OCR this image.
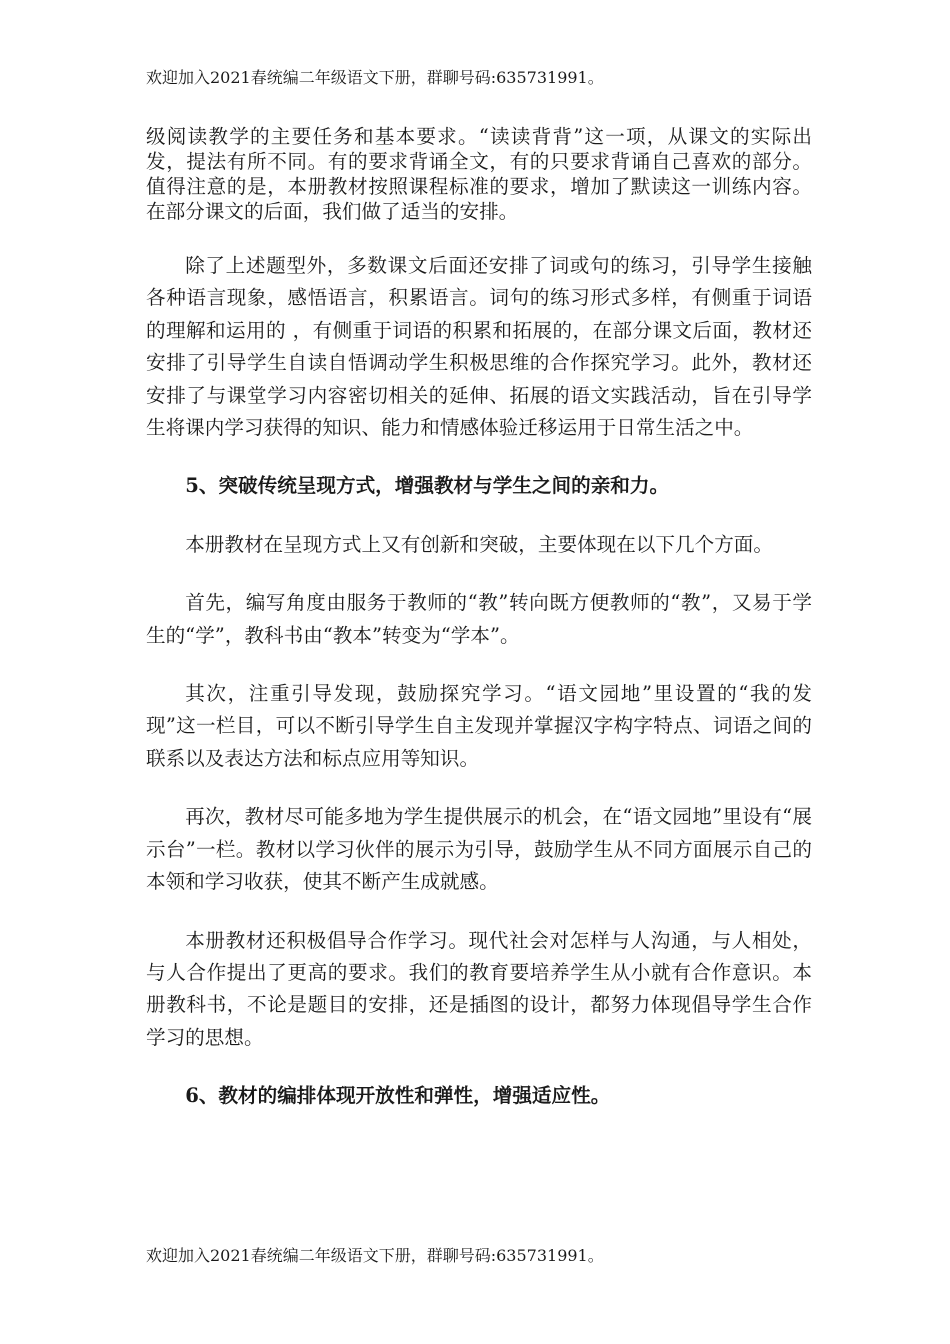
欢迎加入2021春统编二年级语文下册，群聊号码:635731991。

级阅读教学的主要任务和基本要求。“读读背背”这一项，从课文的实际出发，提法有所不同。有的要求背诵全文，有的只要求背诵自己喜欢的部分。值得注意的是，本册教材按照课程标准的要求，增加了默读这一训练内容。在部分课文的后面，我们做了适当的安排。

除了上述题型外，多数课文后面还安排了词或句的练习，引导学生接触各种语言现象，感悟语言，积累语言。词句的练习形式多样，有侧重于词语的理解和运用的 ，有侧重于词语的积累和拓展的，在部分课文后面，教材还安排了引导学生自读自悟调动学生积极思维的合作探究学习。此外，教材还安排了与课堂学习内容密切相关的延伸、拓展的语文实践活动，旨在引导学生将课内学习获得的知识、能力和情感体验迁移运用于日常生活之中。

5、突破传统呈现方式，增强教材与学生之间的亲和力。

本册教材在呈现方式上又有创新和突破，主要体现在以下几个方面。

首先，编写角度由服务于教师的“教”转向既方便教师的“教”，又易于学生的“学”，教科书由“教本”转变为“学本”。

其次，注重引导发现，鼓励探究学习。“语文园地”里设置的“我的发现”这一栏目，可以不断引导学生自主发现并掌握汉字构字特点、词语之间的联系以及表达方法和标点应用等知识。

再次，教材尽可能多地为学生提供展示的机会，在“语文园地”里设有“展示台”一栏。教材以学习伙伴的展示为引导，鼓励学生从不同方面展示自己的本领和学习收获，使其不断产生成就感。

本册教材还积极倡导合作学习。现代社会对怎样与人沟通，与人相处，与人合作提出了更高的要求。我们的教育要培养学生从小就有合作意识。本册教科书，不论是题目的安排，还是插图的设计，都努力体现倡导学生合作学习的思想。

6、教材的编排体现开放性和弹性，增强适应性。

欢迎加入2021春统编二年级语文下册，群聊号码:635731991。
